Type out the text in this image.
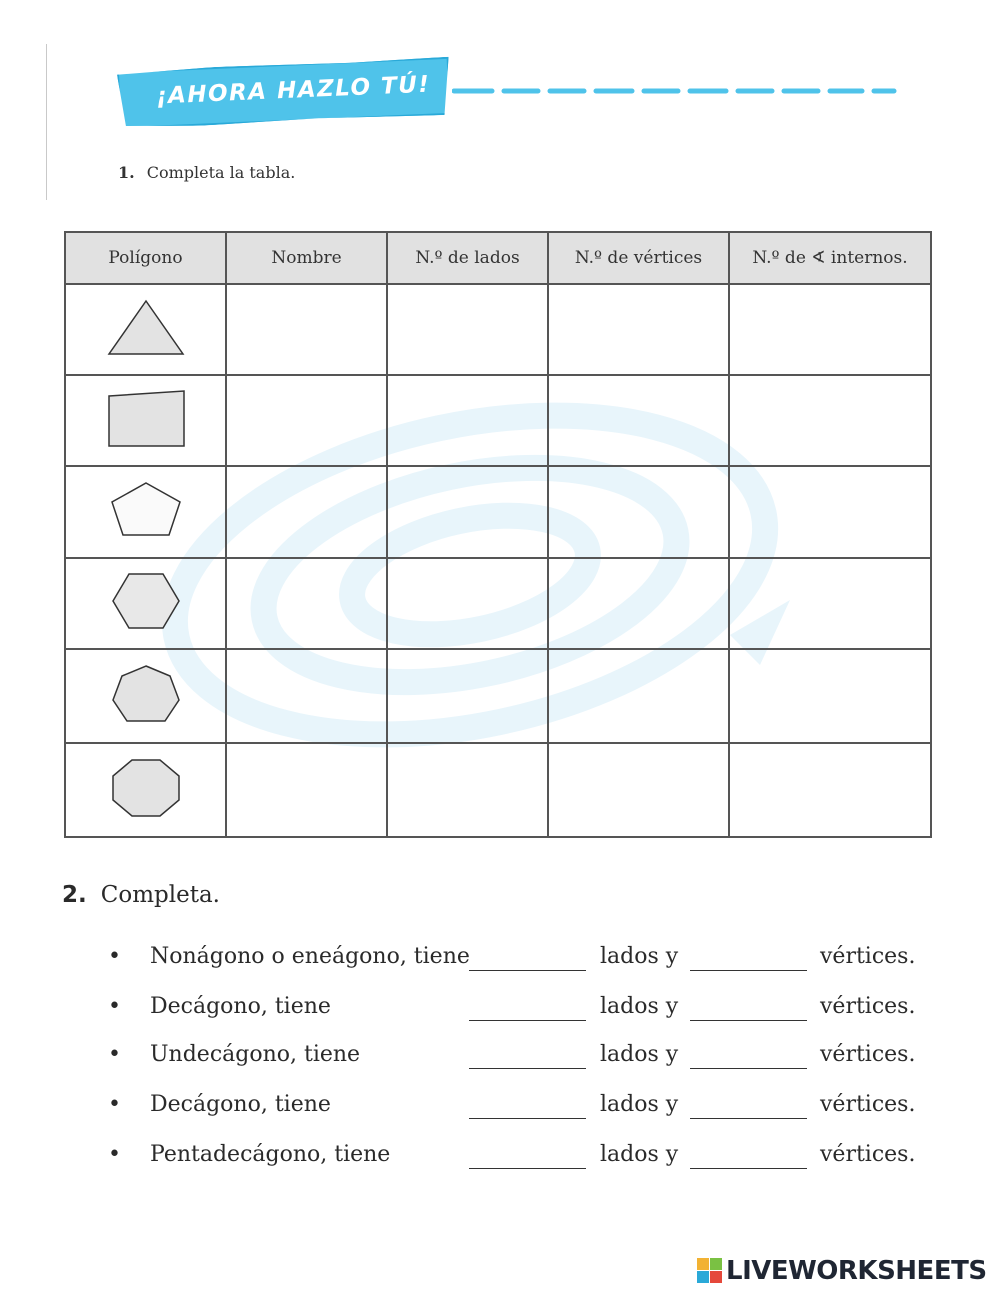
¡AHORA HAZLO TÚ!
1. Completa la tabla.
Polígono	Nombre	N.º de lados	N.º de vértices	N.º de ∢ internos.

2. Completa.
• Nonágono o eneágono, tiene	lados y	vértices.
• Decágono, tiene	lados y	vértices.
• Undecágono, tiene	lados y	vértices.
• Decágono, tiene	lados y	vértices.
• Pentadecágono, tiene	lados y	vértices.
LIVEWORKSHEETS
